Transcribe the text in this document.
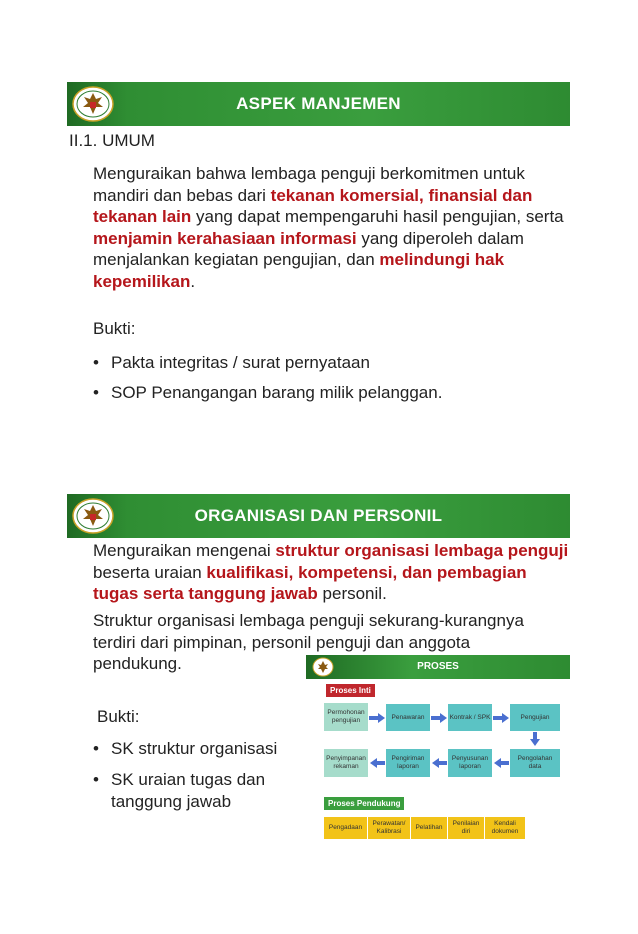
ASPEK MANJEMEN
II.1. UMUM
Menguraikan bahwa lembaga penguji berkomitmen untuk mandiri dan bebas dari tekanan komersial, finansial dan tekanan lain yang dapat mempengaruhi hasil pengujian, serta menjamin kerahasiaan informasi yang diperoleh dalam menjalankan kegiatan pengujian, dan melindungi hak kepemilikan.
Bukti:
• Pakta integritas / surat pernyataan
• SOP Penangangan barang milik pelanggan.
ORGANISASI DAN PERSONIL
Menguraikan mengenai struktur organisasi lembaga penguji beserta uraian kualifikasi, kompetensi, dan pembagian tugas serta tanggung jawab personil.
Struktur organisasi lembaga penguji sekurang-kurangnya terdiri dari pimpinan, personil penguji dan anggota pendukung.
Bukti:
• SK struktur organisasi
• SK uraian tugas dan tanggung jawab
PROSES
Proses Inti
Permohonan pengujian	Penawaran	Kontrak / SPK	Pengujian
Penyimpanan rekaman
Pengiriman laporan
Penyusunan laporan
Pengolahan data
Proses Pendukung
Pengadaan
Perawatan/ Kalibrasi
Pelatihan
Penilaian diri
Kendali dokumen
